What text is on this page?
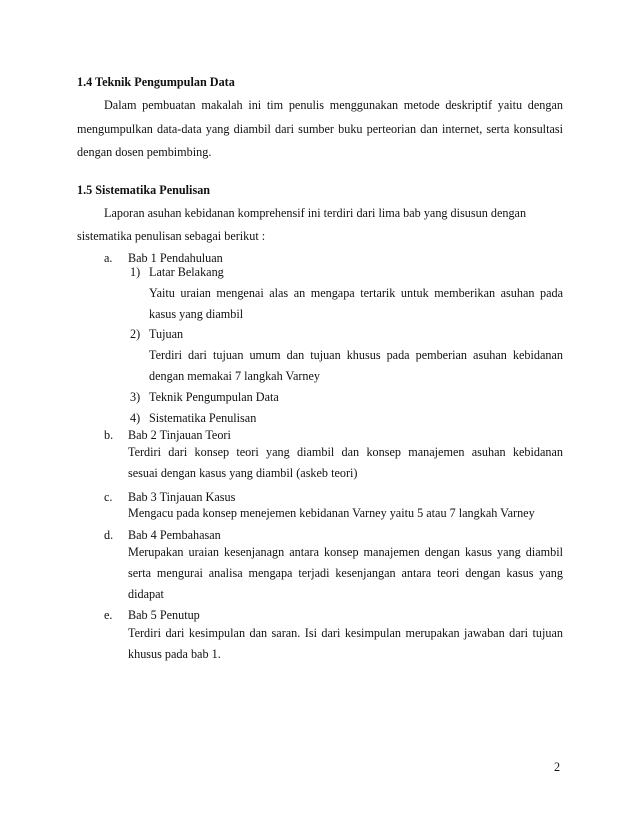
1.4 Teknik Pengumpulan Data
Dalam pembuatan makalah ini tim penulis menggunakan metode deskriptif yaitu dengan
mengumpulkan data-data yang diambil dari sumber buku perteorian dan internet, serta konsultasi
dengan dosen pembimbing.
1.5 Sistematika Penulisan
Laporan asuhan kebidanan komprehensif ini terdiri dari lima bab yang disusun dengan
sistematika penulisan sebagai berikut :
a. Bab 1 Pendahuluan
1) Latar Belakang
Yaitu uraian mengenai alas an mengapa tertarik untuk memberikan asuhan pada
kasus yang diambil
2) Tujuan
Terdiri dari tujuan umum dan tujuan khusus pada pemberian asuhan kebidanan
dengan memakai 7 langkah Varney
3) Teknik Pengumpulan Data
4) Sistematika Penulisan
b. Bab 2 Tinjauan Teori
Terdiri dari konsep teori yang diambil dan konsep manajemen asuhan kebidanan
sesuai dengan kasus yang diambil (askeb teori)
c. Bab 3 Tinjauan Kasus
Mengacu pada konsep menejemen kebidanan Varney yaitu 5 atau 7 langkah Varney
d. Bab 4 Pembahasan
Merupakan uraian kesenjanagn antara konsep manajemen dengan kasus yang diambil
serta mengurai analisa mengapa terjadi kesenjangan antara teori dengan kasus yang
didapat
e. Bab 5 Penutup
Terdiri dari kesimpulan dan saran. Isi dari kesimpulan merupakan jawaban dari tujuan
khusus pada bab 1.
2
